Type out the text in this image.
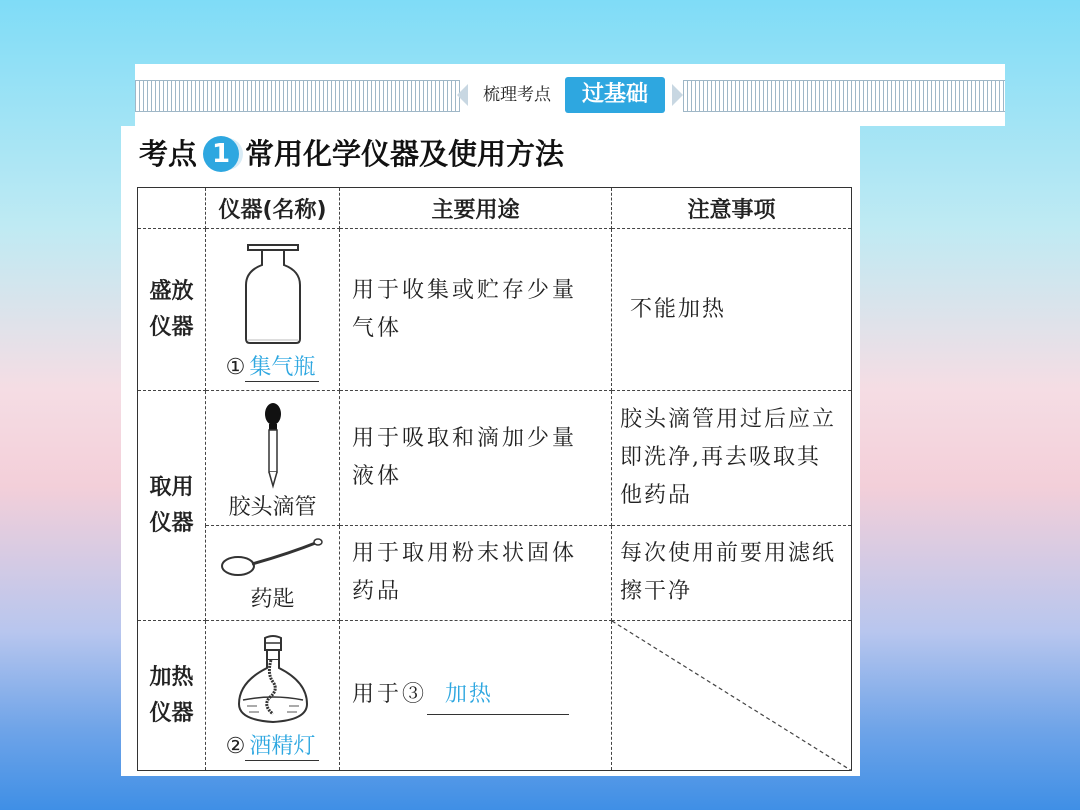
梳理考点	过基础
考点 1 常用化学仪器及使用方法
	仪器(名称)	主要用途	注意事项
盛放仪器	① 集气瓶	用于收集或贮存少量气体	不能加热
取用仪器	胶头滴管	用于吸取和滴加少量液体	胶头滴管用过后应立即洗净,再去吸取其他药品

	药匙	用于取用粉末状固体药品	每次使用前要用滤纸擦干净
加热仪器	② 酒精灯	用于③ 加热	
